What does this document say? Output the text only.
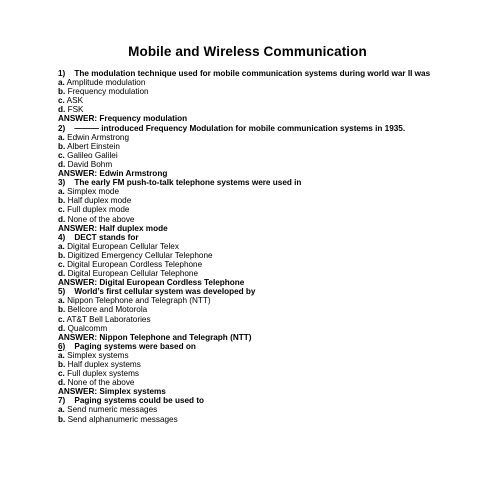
Mobile and Wireless Communication
1) The modulation technique used for mobile communication systems during world war II was
a. Amplitude modulation
b. Frequency modulation
c. ASK
d. FSK
ANSWER: Frequency modulation
2) ——— introduced Frequency Modulation for mobile communication systems in 1935.
a. Edwin Armstrong
b. Albert Einstein
c. Galileo Galilei
d. David Bohm
ANSWER: Edwin Armstrong
3) The early FM push-to-talk telephone systems were used in
a. Simplex mode
b. Half duplex mode
c. Full duplex mode
d. None of the above
ANSWER: Half duplex mode
4) DECT stands for
a. Digital European Cellular Telex
b. Digitized Emergency Cellular Telephone
c. Digital European Cordless Telephone
d. Digital European Cellular Telephone
ANSWER: Digital European Cordless Telephone
5) World’s first cellular system was developed by
a. Nippon Telephone and Telegraph (NTT)
b. Bellcore and Motorola
c. AT&T Bell Laboratories
d. Qualcomm
ANSWER: Nippon Telephone and Telegraph (NTT)
6) Paging systems were based on
a. Simplex systems
b. Half duplex systems
c. Full duplex systems
d. None of the above
ANSWER: Simplex systems
7) Paging systems could be used to
a. Send numeric messages
b. Send alphanumeric messages
